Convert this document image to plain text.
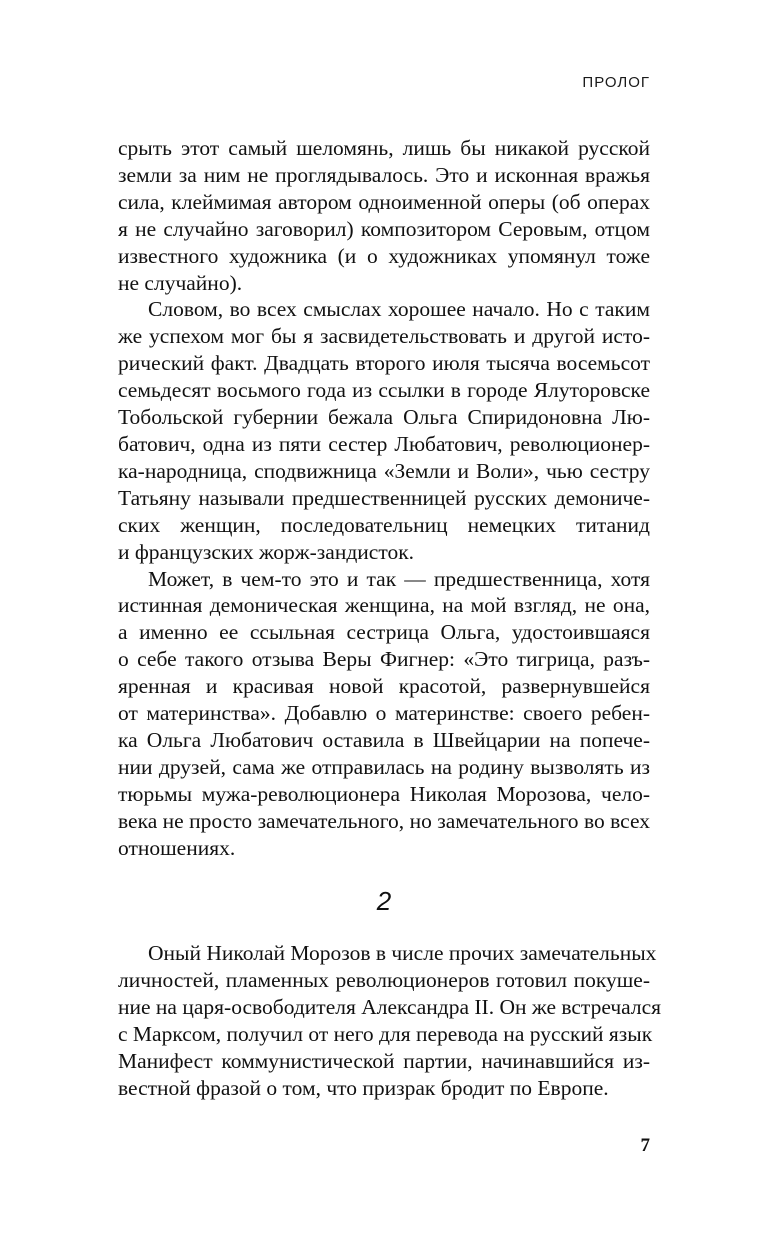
ПРОЛОГ
срыть этот самый шеломянь, лишь бы никакой русской
земли за ним не проглядывалось. Это и исконная вражья
сила, клеймимая автором одноименной оперы (об операх
я не случайно заговорил) композитором Серовым, отцом
известного художника (и о художниках упомянул тоже
не случайно).
Словом, во всех смыслах хорошее начало. Но с таким
же успехом мог бы я засвидетельствовать и другой исто-
рический факт. Двадцать второго июля тысяча восемьсот
семьдесят восьмого года из ссылки в городе Ялуторовске
Тобольской губернии бежала Ольга Спиридоновна Лю-
батович, одна из пяти сестер Любатович, революционер-
ка-народница, сподвижница «Земли и Воли», чью сестру
Татьяну называли предшественницей русских демониче-
ских женщин, последовательниц немецких титанид
и французских жорж-зандисток.
Может, в чем-то это и так — предшественница, хотя
истинная демоническая женщина, на мой взгляд, не она,
а именно ее ссыльная сестрица Ольга, удостоившаяся
о себе такого отзыва Веры Фигнер: «Это тигрица, разъ-
яренная и красивая новой красотой, развернувшейся
от материнства». Добавлю о материнстве: своего ребен-
ка Ольга Любатович оставила в Швейцарии на попече-
нии друзей, сама же отправилась на родину вызволять из
тюрьмы мужа-революционера Николая Морозова, чело-
века не просто замечательного, но замечательного во всех
отношениях.
2
Оный Николай Морозов в числе прочих замечательных
личностей, пламенных революционеров готовил покуше-
ние на царя-освободителя Александра II. Он же встречался
с Марксом, получил от него для перевода на русский язык
Манифест коммунистической партии, начинавшийся из-
вестной фразой о том, что призрак бродит по Европе.
7
